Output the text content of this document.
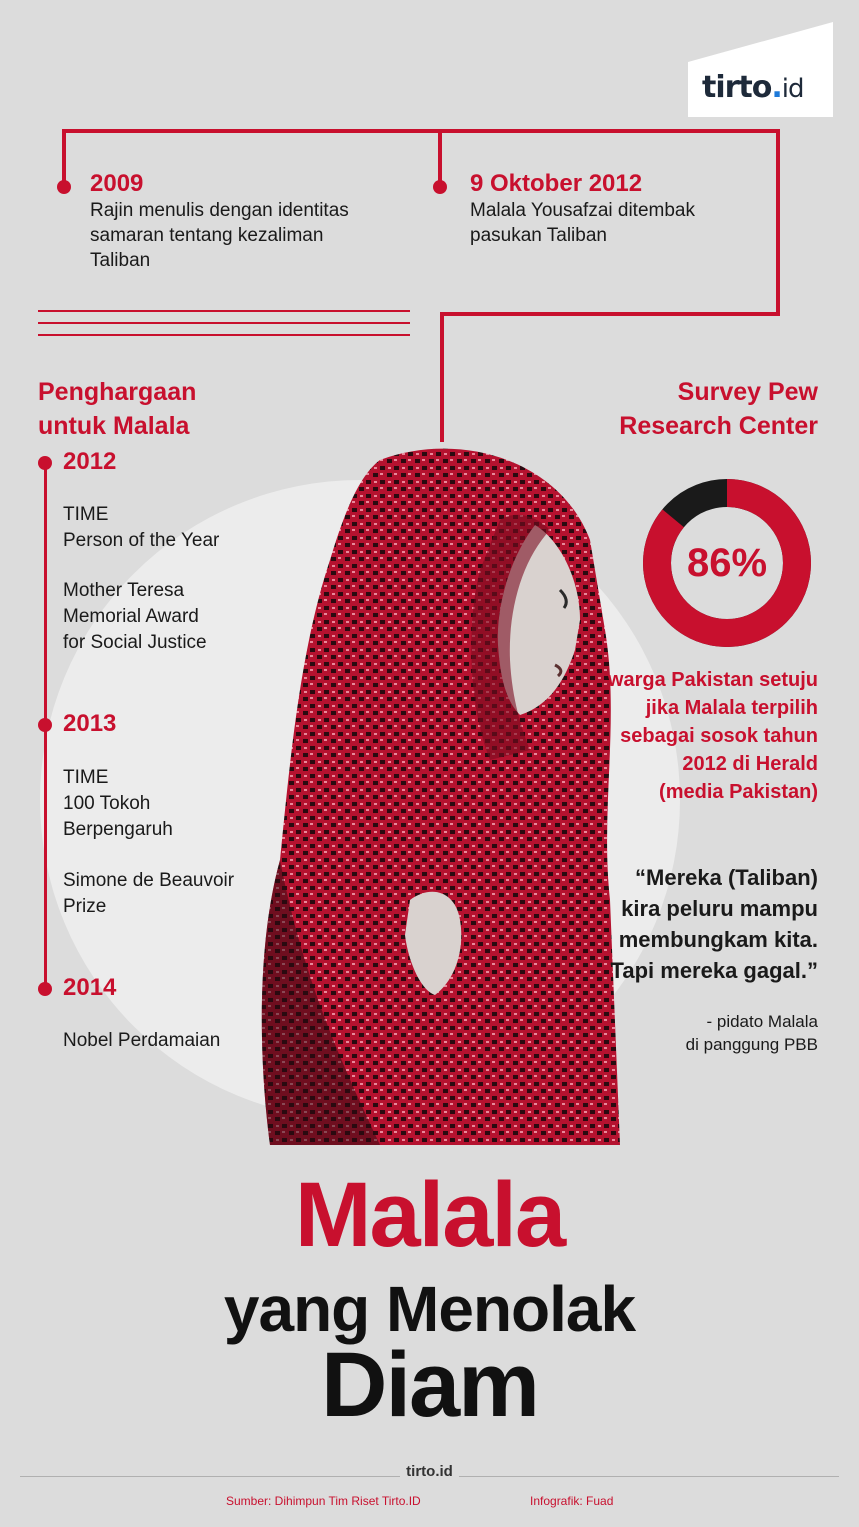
tirto.id
2009
Rajin menulis dengan identitas
samaran tentang kezaliman
Taliban
9 Oktober 2012
Malala Yousafzai ditembak
pasukan Taliban
Penghargaan
untuk Malala
2012
TIME
Person of the Year
Mother Teresa
Memorial Award
for Social Justice
2013
TIME
100 Tokoh
Berpengaruh
Simone de Beauvoir
Prize
2014
Nobel Perdamaian
Survey Pew
Research Center
86%
warga Pakistan setuju
jika Malala terpilih
sebagai sosok tahun
2012 di Herald
(media Pakistan)
“Mereka (Taliban)
kira peluru mampu
membungkam kita.
Tapi mereka gagal.”
- pidato Malala
di panggung PBB
Malala
yang Menolak
Diam
tirto.id
Sumber: Dihimpun Tim Riset Tirto.ID	Infografik: Fuad
